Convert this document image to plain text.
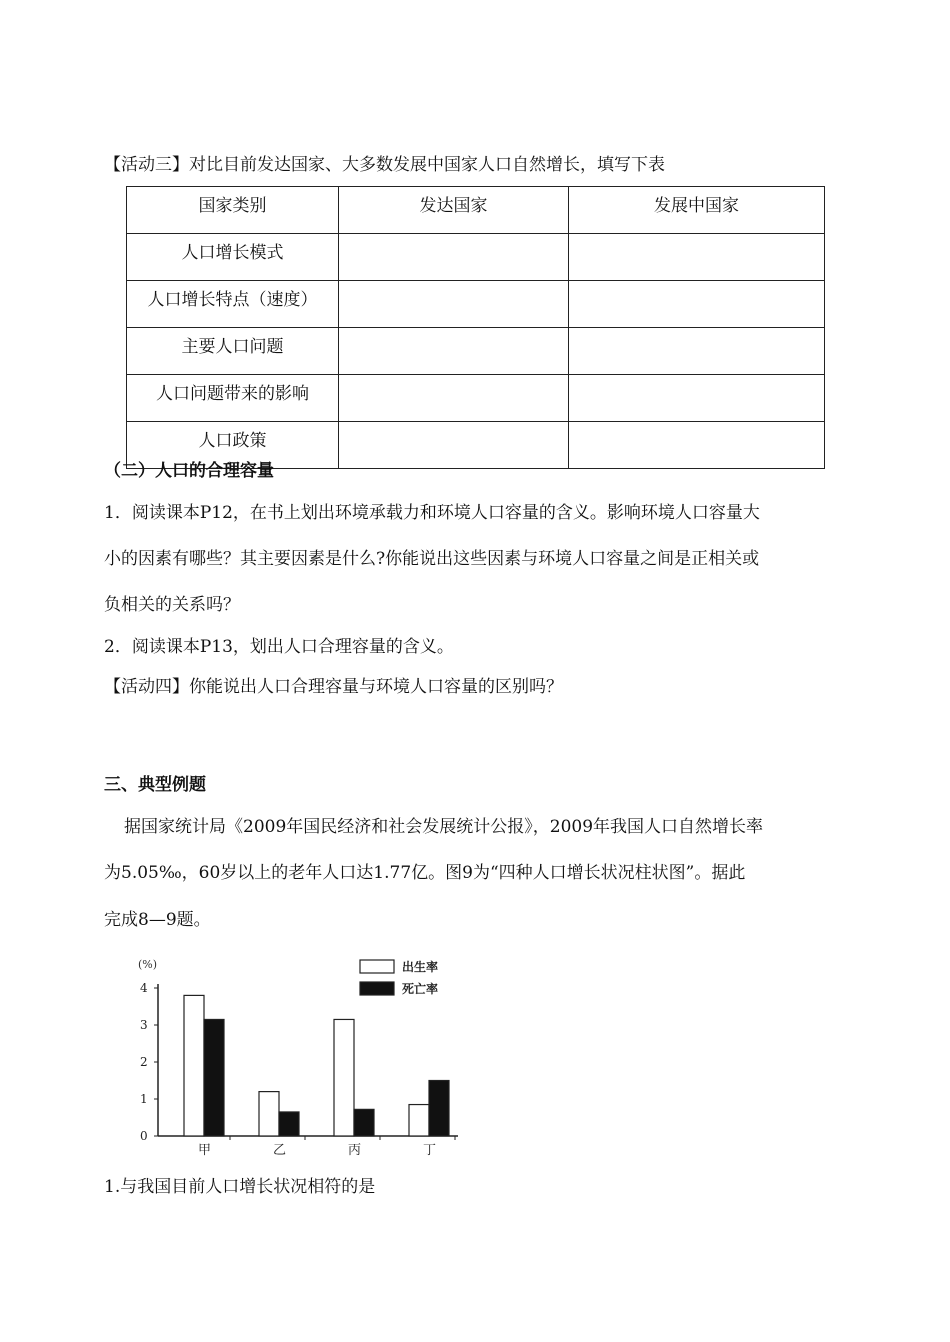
【活动三】对比目前发达国家、大多数发展中国家人口自然增长，填写下表
国家类别	发达国家	发展中国家
人口增长模式		
人口增长特点（速度）		
主要人口问题		
人口问题带来的影响		
人口政策		
（二）人口的合理容量
1．阅读课本P12，在书上划出环境承载力和环境人口容量的含义。影响环境人口容量大
小的因素有哪些？其主要因素是什么?你能说出这些因素与环境人口容量之间是正相关或
负相关的关系吗？
2．阅读课本P13，划出人口合理容量的含义。
【活动四】你能说出人口合理容量与环境人口容量的区别吗？
三、典型例题
据国家统计局《2009年国民经济和社会发展统计公报》，2009年我国人口自然增长率
为5.05‰，60岁以上的老年人口达1.77亿。图9为“四种人口增长状况柱状图”。据此
完成8—9题。
(%)
0
1
2
3
4
甲	乙	丙	丁
出生率
死亡率
1.与我国目前人口增长状况相符的是
